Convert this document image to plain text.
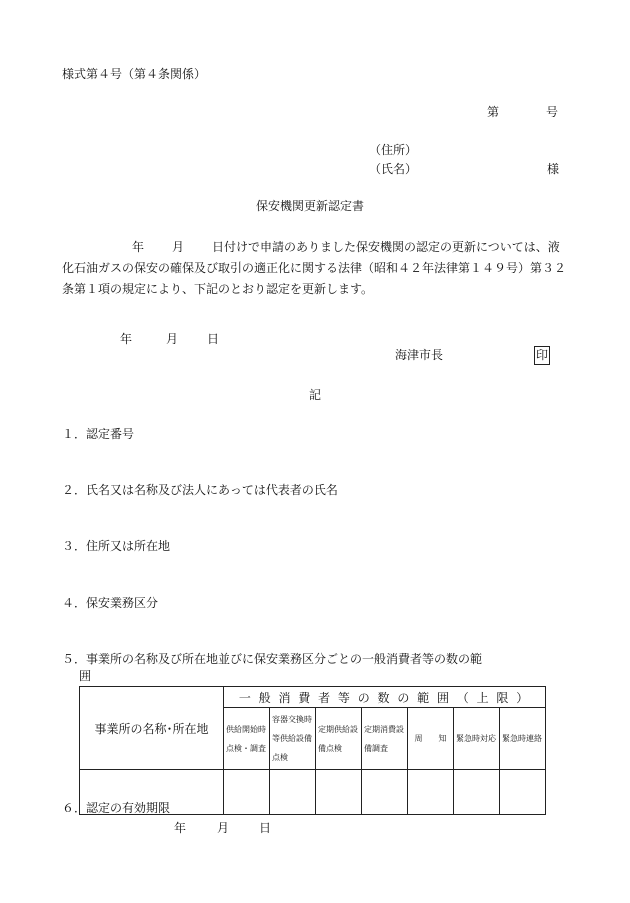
様式第４号（第４条関係）
第	号
（住所）
（氏名）	様
保安機関更新認定書
年 月 日付けで申請のありました保安機関の認定の更新については、液化石油ガスの保安の確保及び取引の適正化に関する法律（昭和４２年法律第１４９号）第３２条第１項の規定により、下記のとおり認定を更新します。
年	月 日
海津市長	印
記
１．認定番号
２．氏名又は名称及び法人にあっては代表者の氏名
３．住所又は所在地
４．保安業務区分
５．事業所の名称及び所在地並びに保安業務区分ごとの一般消費者等の数の範
囲
事業所の名称･所在地	一 般 消 費 者 等 の 数 の 範 囲 （ 上 限 ）						
	供給開始時点検・調査	容器交換時等供給設備点検	定期供給設備点検	定期消費設備調査	周　　知	緊急時対応	緊急時連絡

６．認定の有効期限
年	月 日
